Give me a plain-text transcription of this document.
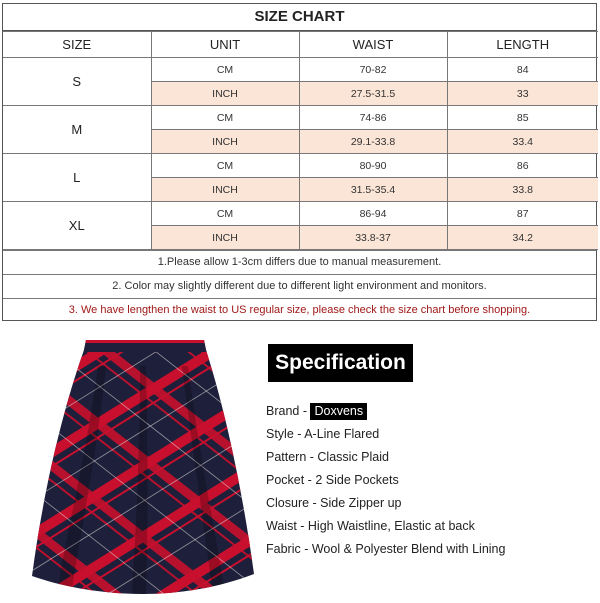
SIZE CHART
SIZE	UNIT	WAIST	LENGTH
S	CM	70-82	84
	INCH	27.5-31.5	33
M	CM	74-86	85
	INCH	29.1-33.8	33.4
L	CM	80-90	86
	INCH	31.5-35.4	33.8
XL	CM	86-94	87
	INCH	33.8-37	34.2
1.Please allow 1-3cm differs due to manual measurement.
2. Color may slightly different due to different light environment and monitors.
3. We have lengthen the waist to US regular size, please check the size chart before shopping.
Specification
Brand - Doxvens
Style - A-Line Flared
Pattern - Classic Plaid
Pocket - 2 Side Pockets
Closure - Side Zipper up
Waist - High Waistline, Elastic at back
Fabric - Wool & Polyester Blend with Lining
